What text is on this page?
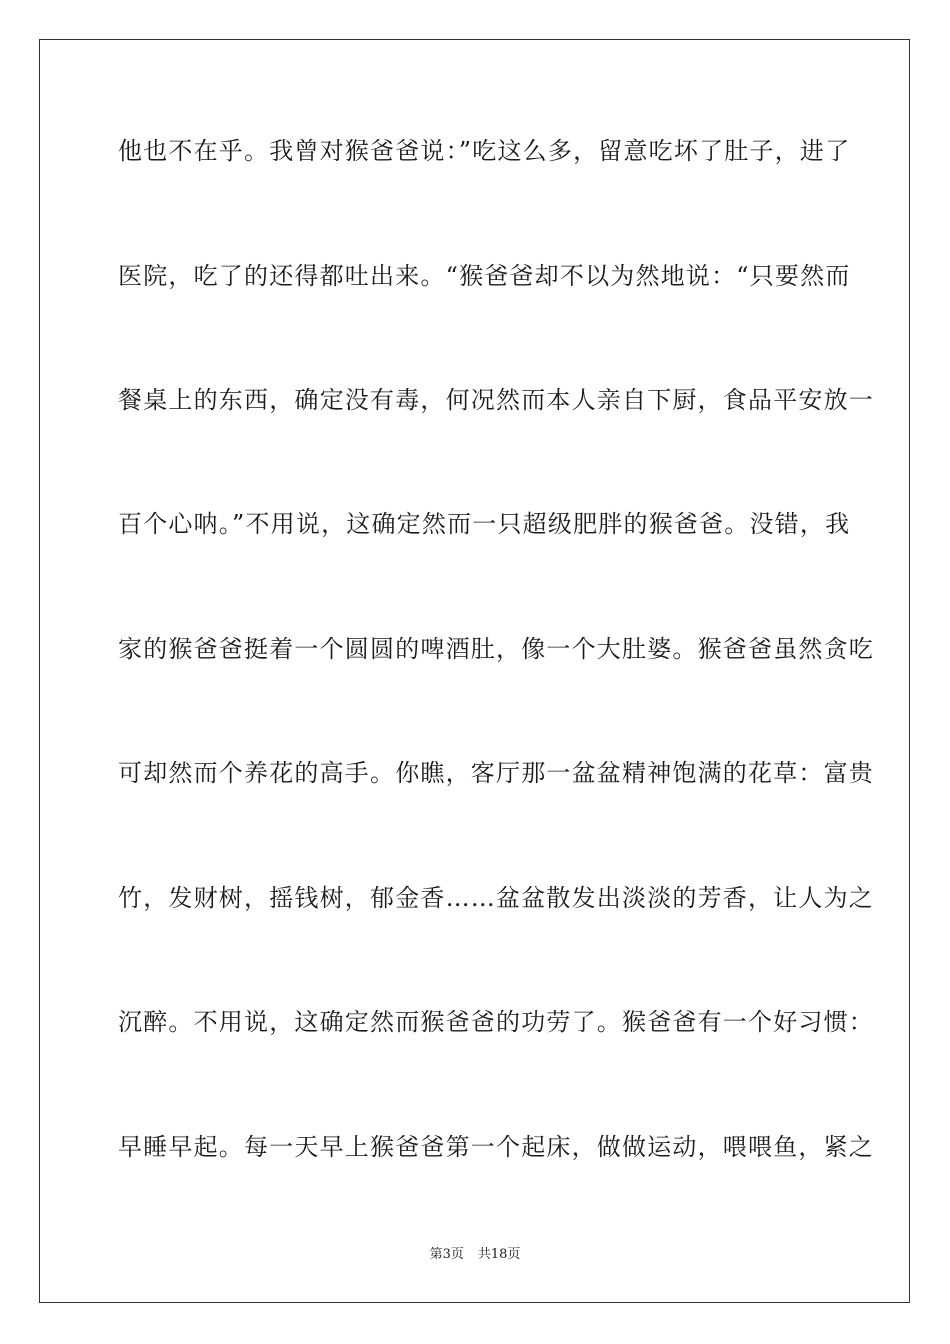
他也不在乎。我曾对猴爸爸说：”吃这么多，留意吃坏了肚子，进了
医院，吃了的还得都吐出来。“猴爸爸却不以为然地说：“只要然而
餐桌上的东西，确定没有毒，何况然而本人亲自下厨，食品平安放一
百个心呐。”不用说，这确定然而一只超级肥胖的猴爸爸。没错，我
家的猴爸爸挺着一个圆圆的啤酒肚，像一个大肚婆。猴爸爸虽然贪吃
可却然而个养花的高手。你瞧，客厅那一盆盆精神饱满的花草：富贵
竹，发财树，摇钱树，郁金香……盆盆散发出淡淡的芳香，让人为之
沉醉。不用说，这确定然而猴爸爸的功劳了。猴爸爸有一个好习惯：
早睡早起。每一天早上猴爸爸第一个起床，做做运动，喂喂鱼，紧之
第3页 共18页
